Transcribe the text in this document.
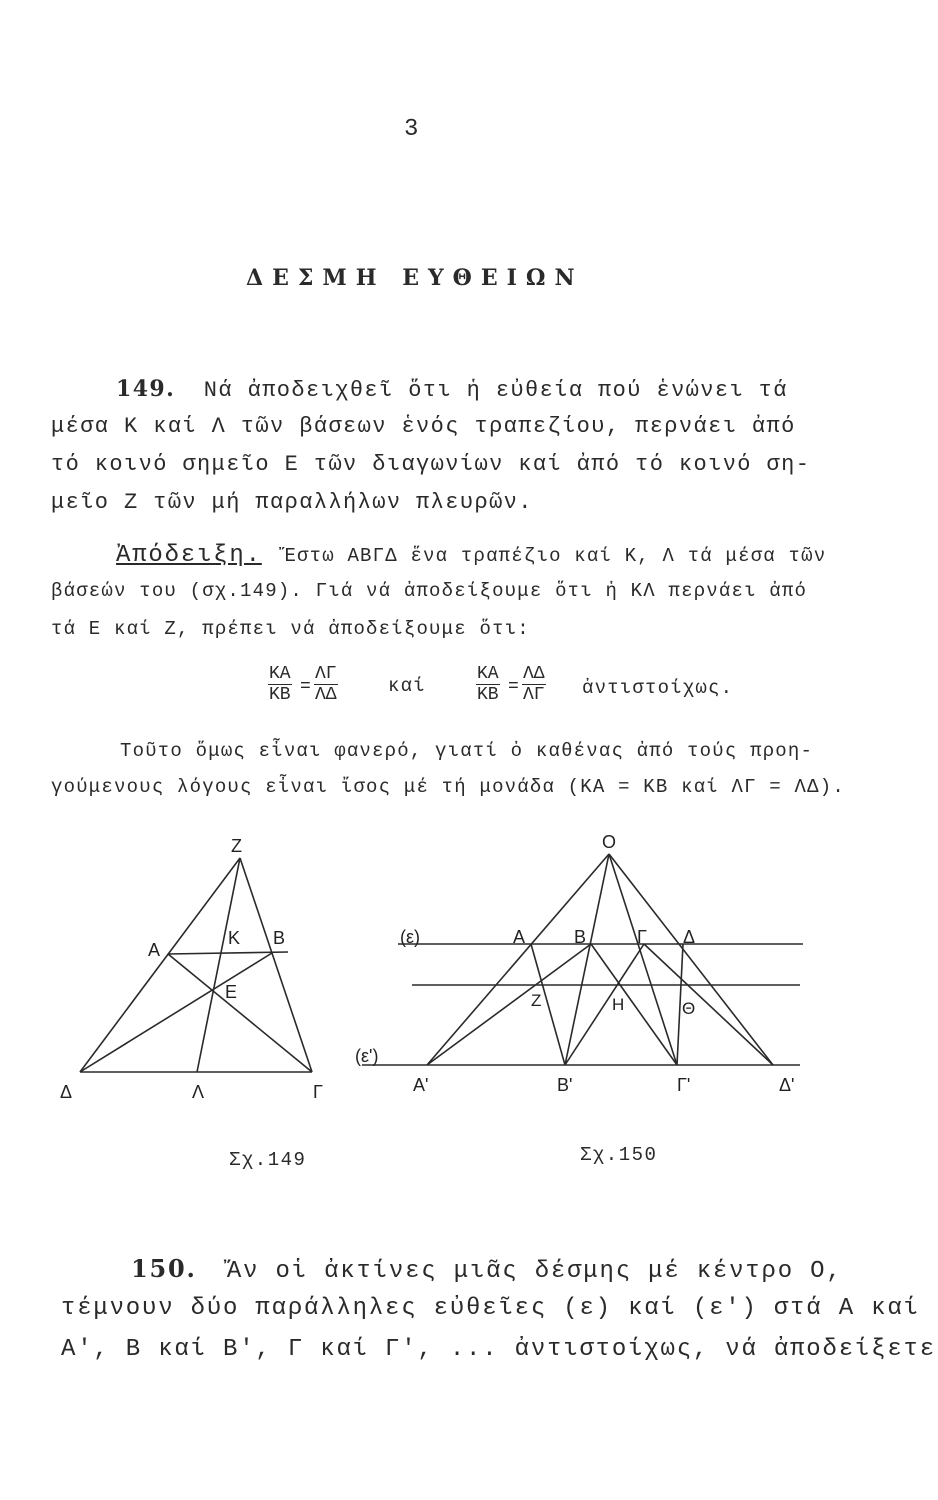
3
ΔΕΣΜΗ ΕΥΘΕΙΩΝ
149. Νά ἀποδειχθεῖ ὅτι ἡ εὐθεία πού ἑνώνει τά
μέσα Κ καί Λ τῶν βάσεων ἑνός τραπεζίου, περνάει ἀπό
τό κοινό σημεῖο Ε τῶν διαγωνίων καί ἀπό τό κοινό ση-
μεῖο Ζ τῶν μή παραλλήλων πλευρῶν.
Ἀπόδειξη. Ἔστω ΑΒΓΔ ἕνα τραπέζιο καί Κ, Λ τά μέσα τῶν
βάσεών του (σχ.149). Γιά νά ἀποδείξουμε ὅτι ἡ ΚΛ περνάει ἀπό
τά Ε καί Ζ, πρέπει νά ἀποδείξουμε ὅτι:
$\frac{KA}{KB} = \frac{\Lambda\Gamma}{\Lambda\Delta}$	καί	$\frac{KA}{KB} = \frac{\Lambda\Delta}{\Lambda\Gamma}$ ἀντιστοίχως.
Τοῦτο ὅμως εἶναι φανερό, γιατί ὁ καθένας ἀπό τούς προη-
γούμενους λόγους εἶναι ἴσος μέ τή μονάδα (ΚΑ = ΚΒ καί ΛΓ = ΛΔ).
Ζ
Α
Κ Β
Ε
Δ	Λ	Γ
Ο
(ε)	Α	Β	Γ Δ
Ζ	Η	Θ
(ε')
Α'	Β'	Γ'	Δ'
Σχ.149	Σχ.150
150. Ἄν οἱ ἀκτίνες μιᾶς δέσμης μέ κέντρο Ο,
τέμνουν δύο παράλληλες εὐθεῖες (ε) καί (ε') στά Α καί
Α', Β καί Β', Γ καί Γ', ... ἀντιστοίχως, νά ἀποδείξετε
